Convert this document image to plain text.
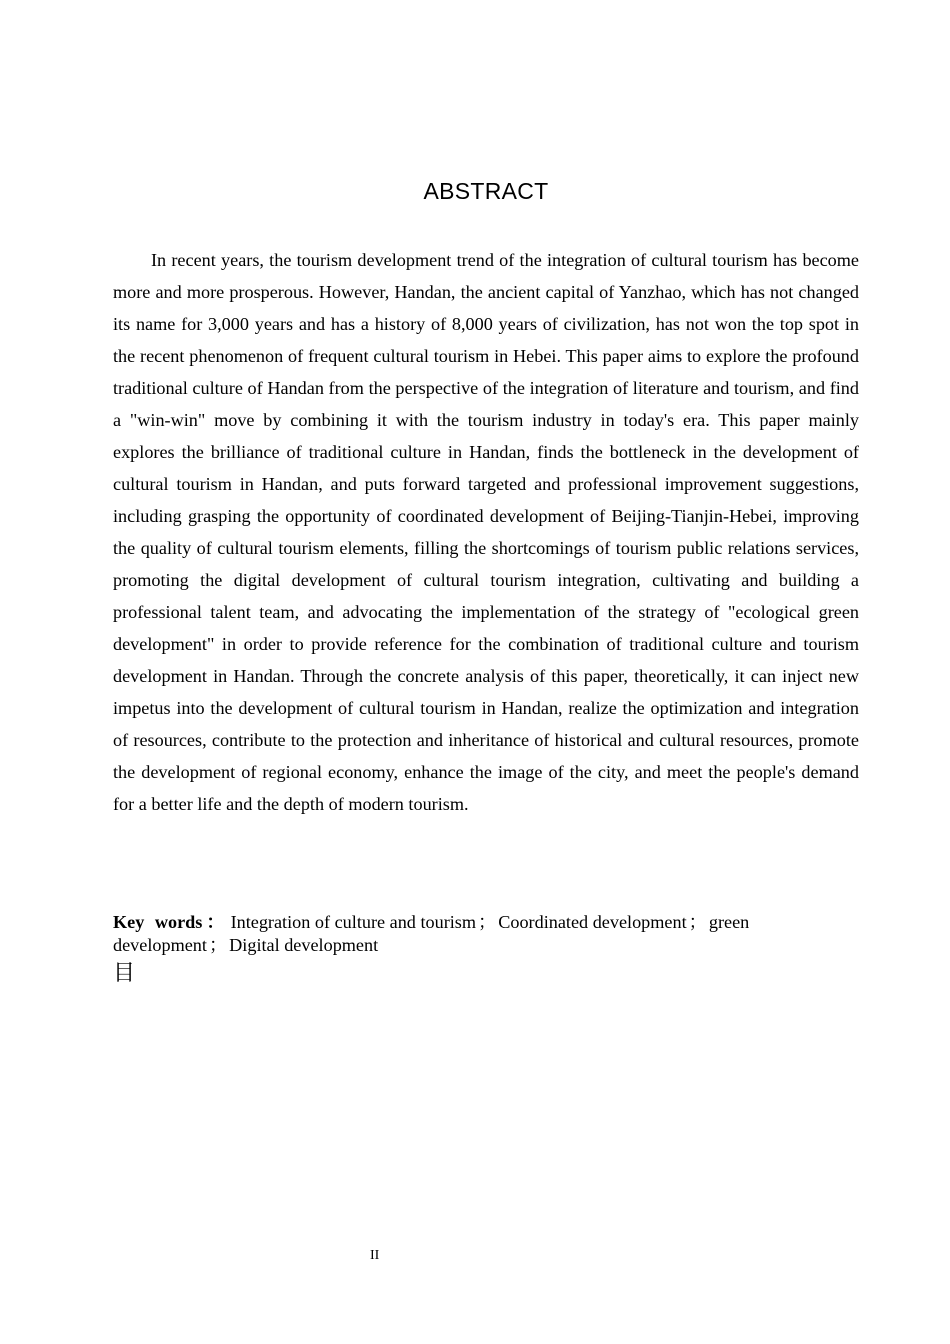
ABSTRACT

In recent years, the tourism development trend of the integration of cultural tourism has become more and more prosperous. However, Handan, the ancient capital of Yanzhao, which has not changed its name for 3,000 years and has a history of 8,000 years of civilization, has not won the top spot in the recent phenomenon of frequent cultural tourism in Hebei. This paper aims to explore the profound traditional culture of Handan from the perspective of the integration of literature and tourism, and find a "win-win" move by combining it with the tourism industry in today's era. This paper mainly explores the brilliance of traditional culture in Handan, finds the bottleneck in the development of cultural tourism in Handan, and puts forward targeted and professional improvement suggestions, including grasping the opportunity of coordinated development of Beijing-Tianjin-Hebei, improving the quality of cultural tourism elements, filling the shortcomings of tourism public relations services, promoting the digital development of cultural tourism integration, cultivating and building a professional talent team, and advocating the implementation of the strategy of "ecological green development" in order to provide reference for the combination of traditional culture and tourism development in Handan. Through the concrete analysis of this paper, theoretically, it can inject new impetus into the development of cultural tourism in Handan, realize the optimization and integration of resources, contribute to the protection and inheritance of historical and cultural resources, promote the development of regional economy, enhance the image of the city, and meet the people's demand for a better life and the depth of modern tourism.

Key words ： Integration of culture and tourism ； Coordinated development ； green development ； Digital development

目
II
